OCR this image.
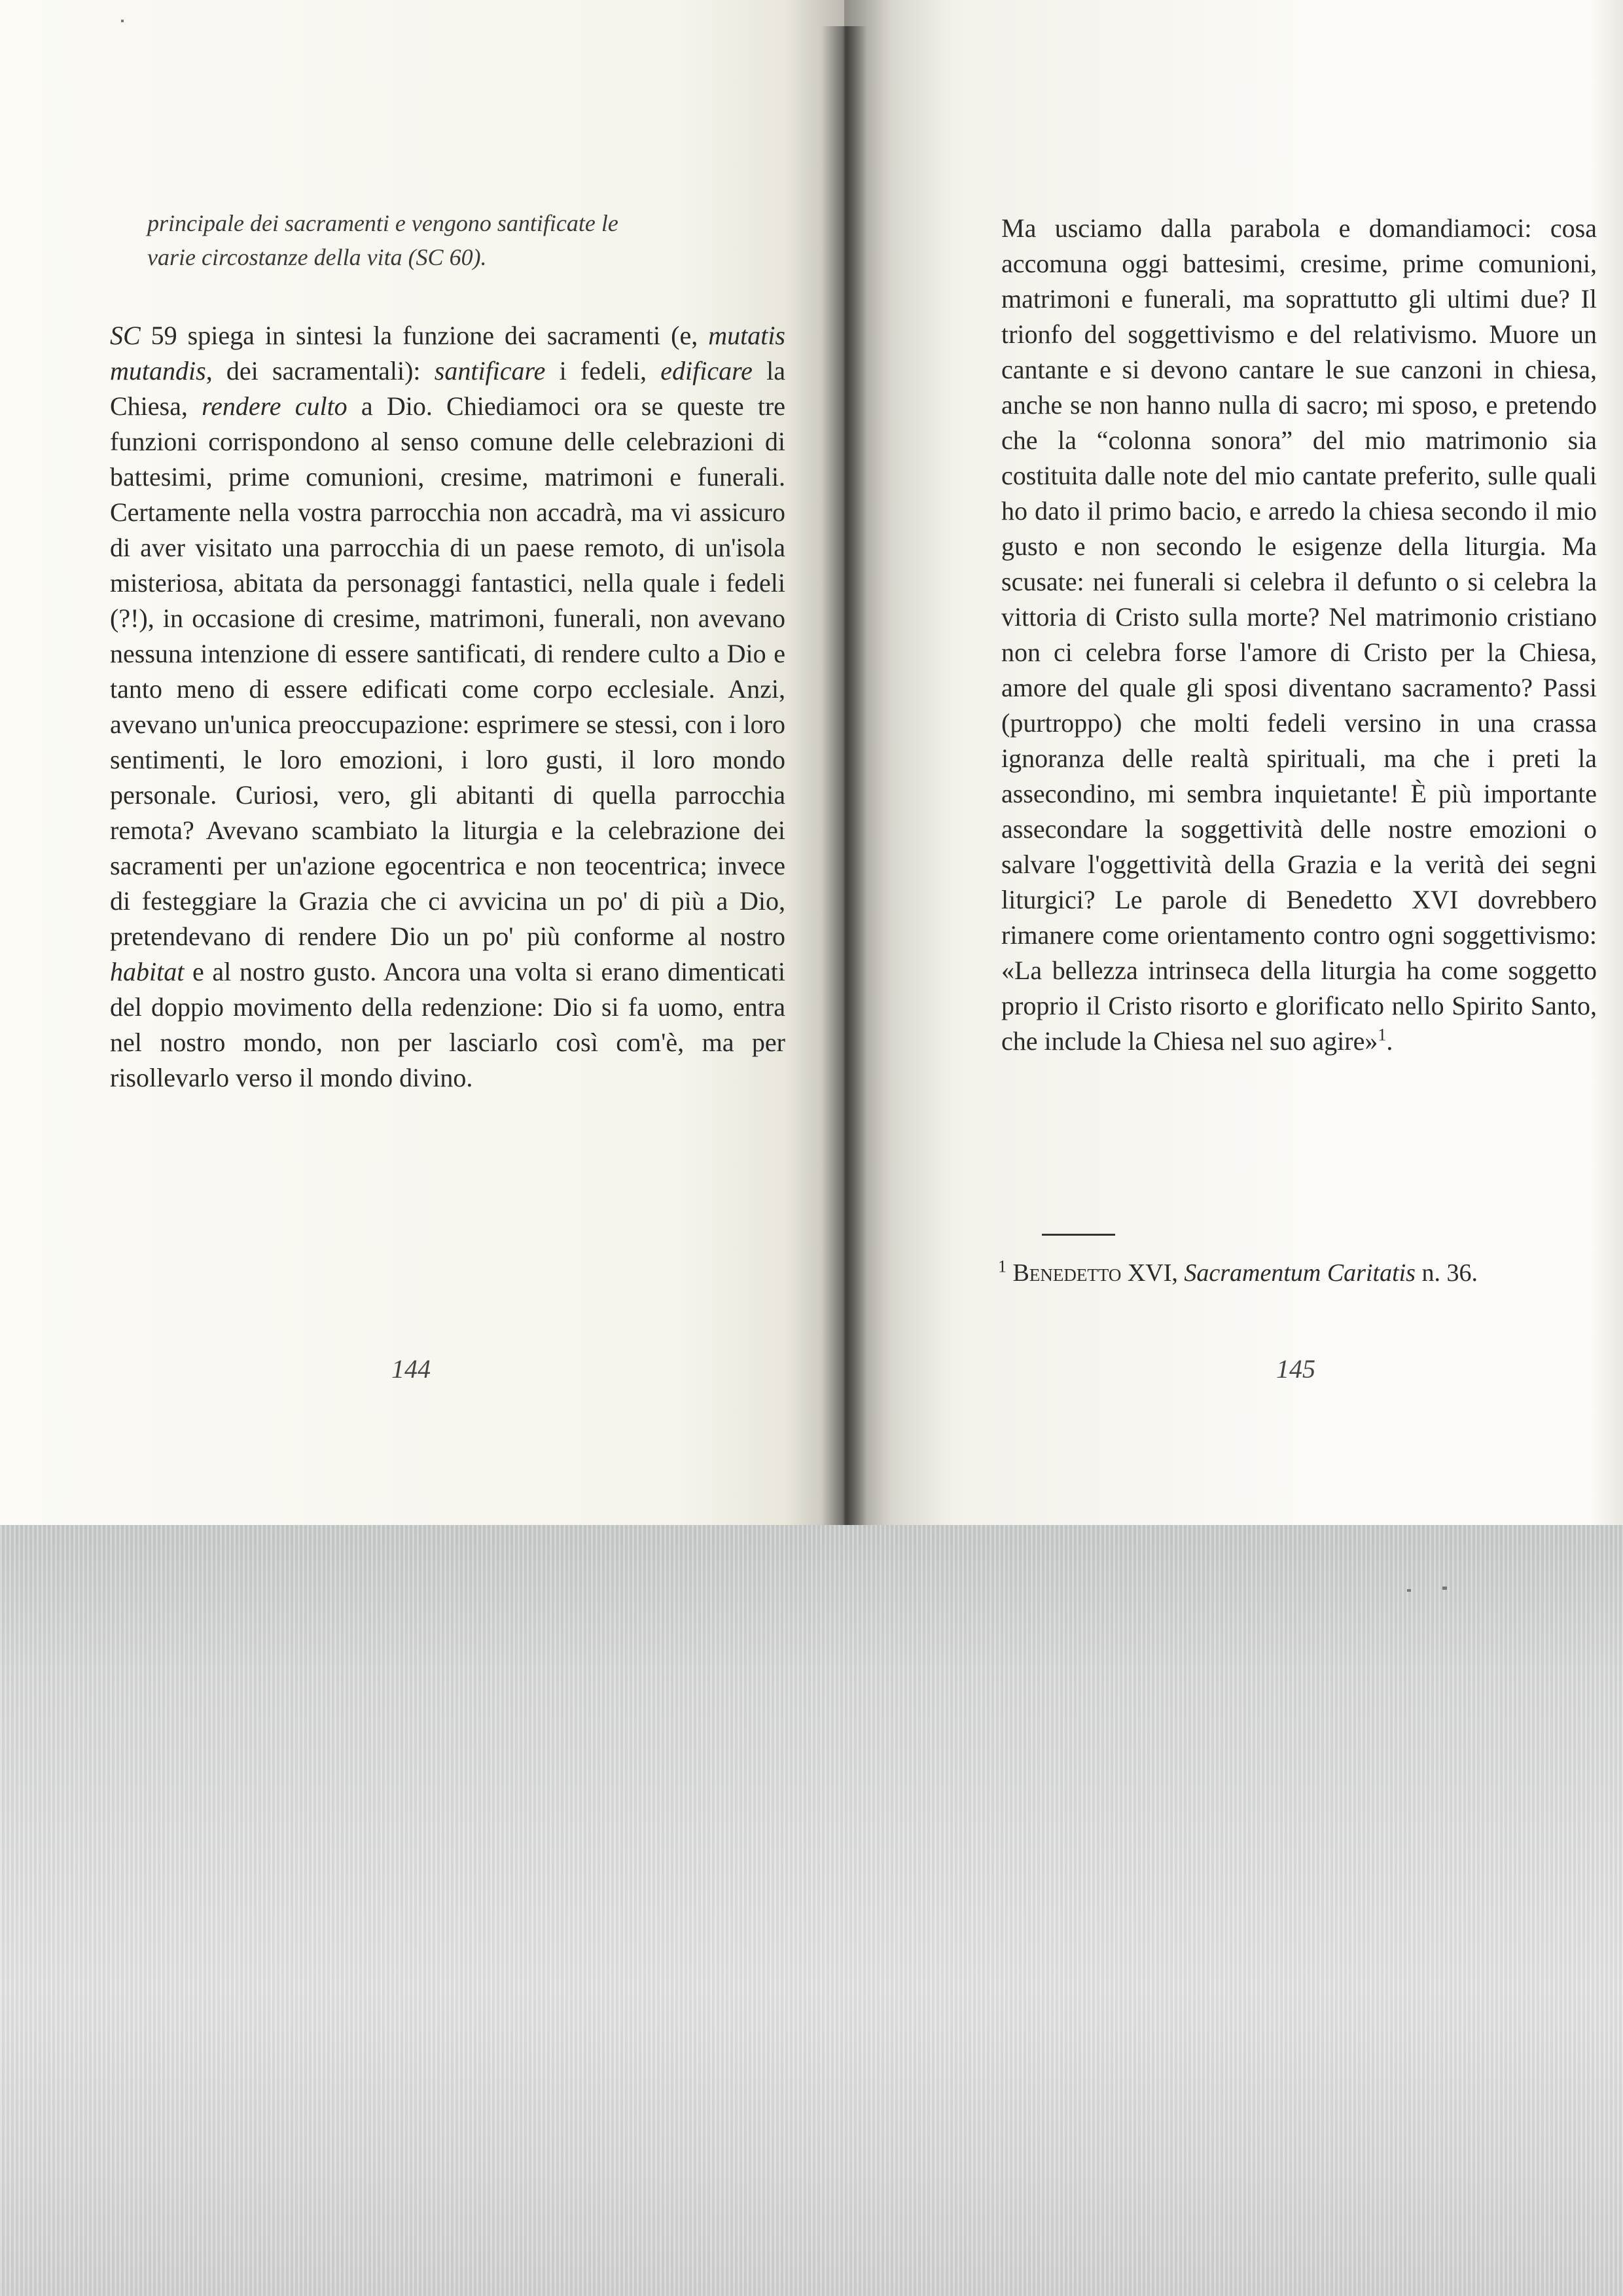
principale dei sacramenti e vengono santificate le

varie circostanze della vita (SC 60).

SC 59 spiega in sintesi la funzione dei sacramenti (e, mutatis mutandis, dei sacramentali): santificare i fedeli, edificare la Chiesa, rendere culto a Dio. Chiediamoci ora se queste tre funzioni corrispondono al senso comune delle celebrazioni di battesimi, prime comunioni, cresime, matrimoni e funerali. Certamente nella vostra parrocchia non accadrà, ma vi assicuro di aver visitato una parrocchia di un paese remoto, di un'isola misteriosa, abitata da personaggi fantastici, nella quale i fedeli (?!), in occasione di cresime, matrimoni, funerali, non avevano nessuna intenzione di essere santificati, di rendere culto a Dio e tanto meno di essere edificati come corpo ecclesiale. Anzi, avevano un'unica preoccupazione: esprimere se stessi, con i loro sentimenti, le loro emozioni, i loro gusti, il loro mondo personale. Curiosi, vero, gli abitanti di quella parrocchia remota? Avevano scambiato la liturgia e la celebrazione dei sacramenti per un'azione egocentrica e non teocentrica; invece di festeggiare la Grazia che ci avvicina un po' di più a Dio, pretendevano di rendere Dio un po' più conforme al nostro habitat e al nostro gusto. Ancora una volta si erano dimenticati del doppio movimento della redenzione: Dio si fa uomo, entra nel nostro mondo, non per lasciarlo così com'è, ma per risollevarlo verso il mondo divino.

144

Ma usciamo dalla parabola e domandiamoci: cosa accomuna oggi battesimi, cresime, prime comunioni, matrimoni e funerali, ma soprattutto gli ultimi due? Il trionfo del soggettivismo e del relativismo. Muore un cantante e si devono cantare le sue canzoni in chiesa, anche se non hanno nulla di sacro; mi sposo, e pretendo che la “colonna sonora” del mio matrimonio sia costituita dalle note del mio cantate preferito, sulle quali ho dato il primo bacio, e arredo la chiesa secondo il mio gusto e non secondo le esigenze della liturgia. Ma scusate: nei funerali si celebra il defunto o si celebra la vittoria di Cristo sulla morte? Nel matrimonio cristiano non ci celebra forse l'amore di Cristo per la Chiesa, amore del quale gli sposi diventano sacramento? Passi (purtroppo) che molti fedeli versino in una crassa ignoranza delle realtà spirituali, ma che i preti la assecondino, mi sembra inquietante! È più importante assecondare la soggettività delle nostre emozioni o salvare l'oggettività della Grazia e la verità dei segni liturgici? Le parole di Benedetto XVI dovrebbero rimanere come orientamento contro ogni soggettivismo: «La bellezza intrinseca della liturgia ha come soggetto proprio il Cristo risorto e glorificato nello Spirito Santo, che include la Chiesa nel suo agire»$^1$.

$^1$ Benedetto XVI, Sacramentum Caritatis n. 36.
145
